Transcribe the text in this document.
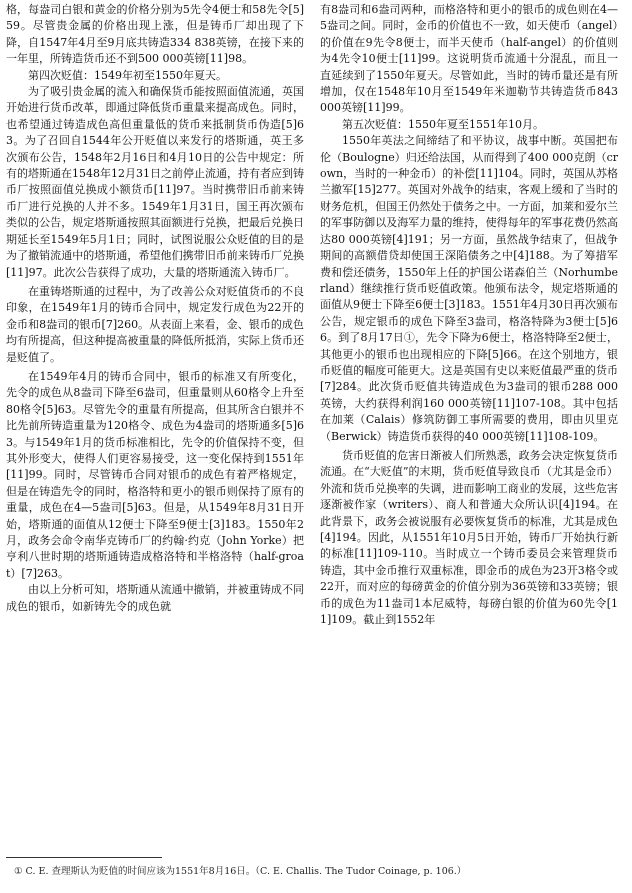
格，每盎司白银和黄金的价格分别为5先令4便士和58先令[5]59。尽管贵金属的价格出现上涨，但是铸币厂却出现了下降，自1547年4月至9月底共铸造334 838英镑，在接下来的一年里，所铸造货币还不到500 000英镑[11]98。

第四次贬值：1549年初至1550年夏天。

为了吸引贵金属的流入和确保货币能按照面值流通，英国开始进行货币改革，即通过降低货币重量来提高成色。同时，也希望通过铸造成色高但重量低的货币来抵制货币伪造[5]63。为了召回自1544年公开贬值以来发行的塔斯通，英王多次颁布公告，1548年2月16日和4月10日的公告中规定：所有的塔斯通在1548年12月31日之前停止流通，持有者应到铸币厂按照面值兑换成小额货币[11]97。当时携带旧币前来铸币厂进行兑换的人并不多。1549年1月31日，国王再次颁布类似的公告，规定塔斯通按照其面额进行兑换，把最后兑换日期延长至1549年5月1日；同时，试图说服公众贬值的目的是为了撤销流通中的塔斯通，希望他们携带旧币前来铸币厂兑换[11]97。此次公告获得了成功，大量的塔斯通流入铸币厂。

在重铸塔斯通的过程中，为了改善公众对贬值货币的不良印象，在1549年1月的铸币合同中，规定发行成色为22开的金币和8盎司的银币[7]260。从表面上来看，金、银币的成色均有所提高，但这种提高被重量的降低所抵消，实际上货币还是贬值了。

在1549年4月的铸币合同中，银币的标准又有所变化，先令的成色从8盎司下降至6盎司，但重量则从60格令上升至80格令[5]63。尽管先令的重量有所提高，但其所含白银并不比先前所铸造重量为120格令、成色为4盎司的塔斯通多[5]63。与1549年1月的货币标准相比，先令的价值保持不变，但其外形变大，使得人们更容易接受，这一变化保持到1551年[11]99。同时，尽管铸币合同对银币的成色有着严格规定，但是在铸造先令的同时，格洛特和更小的银币则保持了原有的重量，成色在4—5盎司[5]63。但是，从1549年8月31日开始，塔斯通的面值从12便士下降至9便士[3]183。1550年2月，政务会命令南华克铸币厂的约翰·约克（John Yorke）把亨利八世时期的塔斯通铸造成格洛特和半格洛特（half-groat）[7]263。

由以上分析可知，塔斯通从流通中撤销，并被重铸成不同成色的银币，如新铸先令的成色就

有8盎司和6盎司两种，而格洛特和更小的银币的成色则在4—5盎司之间。同时，金币的价值也不一致，如天使币（angel）的价值在9先令8便士，而半天使币（half-angel）的价值则为4先令10便士[11]99。这说明货币流通十分混乱，而且一直延续到了1550年夏天。尽管如此，当时的铸币量还是有所增加，仅在1548年10月至1549年米迦勒节共铸造货币843 000英镑[11]99。

第五次贬值：1550年夏至1551年10月。

1550年英法之间缔结了和平协议，战事中断。英国把布伦（Boulogne）归还给法国，从而得到了400 000克朗（crown，当时的一种金币）的补偿[11]104。同时，英国从苏格兰撤军[15]277。英国对外战争的结束，客观上缓和了当时的财务危机，但国王仍然处于债务之中。一方面，加莱和爱尔兰的军事防御以及海军力量的维持，使得每年的军事花费仍然高达80 000英镑[4]191；另一方面，虽然战争结束了，但战争期间的高额借贷却使国王深陷债务之中[4]188。为了筹措军费和偿还债务，1550年上任的护国公诺森伯兰（Norhumberland）继续推行货币贬值政策。他颁布法令，规定塔斯通的面值从9便士下降至6便士[3]183。1551年4月30日再次颁布公告，规定银币的成色下降至3盎司，格洛特降为3便士[5]66。到了8月17日①，先令下降为6便士，格洛特降至2便士，其他更小的银币也出现相应的下降[5]66。在这个别地方，银币贬值的幅度可能更大。这是英国有史以来贬值最严重的货币[7]284。此次货币贬值共铸造成色为3盎司的银币288 000英镑，大约获得利润160 000英镑[11]107-108。其中包括在加莱（Calais）修筑防御工事所需要的费用，即由贝里克（Berwick）铸造货币获得的40 000英镑[11]108-109。

货币贬值的危害日渐被人们所熟悉，政务会决定恢复货币流通。在“大贬值”的末期，货币贬值导致良币（尤其是金币）外流和货币兑换率的失调，进而影响工商业的发展，这些危害逐渐被作家（writers）、商人和普通大众所认识[4]194。在此背景下，政务会被说服有必要恢复货币的标准，尤其是成色[4]194。因此，从1551年10月5日开始，铸币厂开始执行新的标准[11]109-110。当时成立一个铸币委员会来管理货币铸造，其中金币推行双重标准，即金币的成色为23开3格令或22开，而对应的每磅黄金的价值分别为36英镑和33英镑；银币的成色为11盎司1本尼威特，每磅白银的价值为60先令[11]109。截止到1552年

① C. E. 查理斯认为贬值的时间应该为1551年8月16日。（C. E. Challis. The Tudor Coinage, p. 106.）
